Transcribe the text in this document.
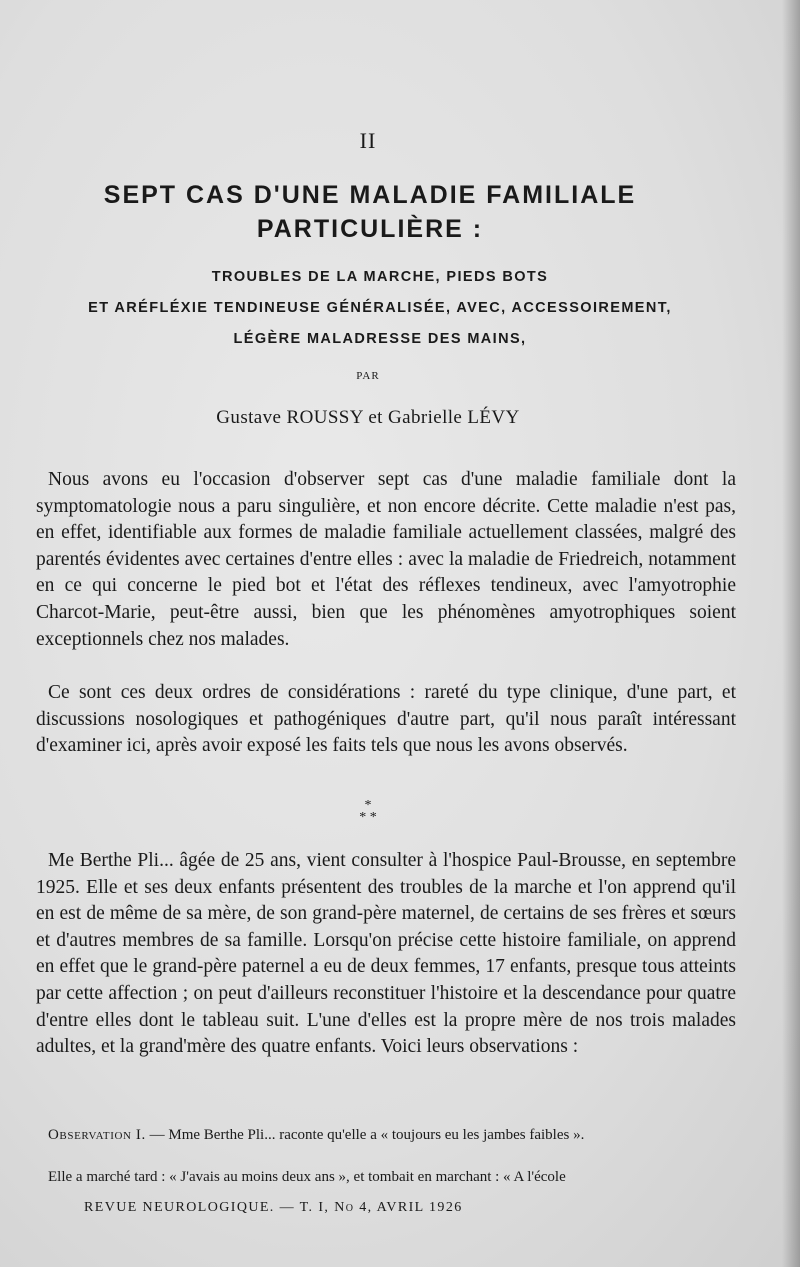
II
SEPT CAS D'UNE MALADIE FAMILIALE
PARTICULIÈRE :
TROUBLES DE LA MARCHE, PIEDS BOTS
ET ARÉFLÉXIE TENDINEUSE GÉNÉRALISÉE, AVEC, ACCESSOIREMENT,
LÉGÈRE MALADRESSE DES MAINS,
PAR
Gustave ROUSSY et Gabrielle LÉVY

Nous avons eu l'occasion d'observer sept cas d'une maladie familiale dont la symptomatologie nous a paru singulière, et non encore décrite. Cette maladie n'est pas, en effet, identifiable aux formes de maladie familiale actuellement classées, malgré des parentés évidentes avec certaines d'entre elles : avec la maladie de Friedreich, notamment en ce qui concerne le pied bot et l'état des réflexes tendineux, avec l'amyotrophie Charcot-Marie, peut-être aussi, bien que les phénomènes amyotrophiques soient exceptionnels chez nos malades.

Ce sont ces deux ordres de considérations : rareté du type clinique, d'une part, et discussions nosologiques et pathogéniques d'autre part, qu'il nous paraît intéressant d'examiner ici, après avoir exposé les faits tels que nous les avons observés.

*
* *

Me Berthe Pli... âgée de 25 ans, vient consulter à l'hospice Paul-Brousse, en septembre 1925. Elle et ses deux enfants présentent des troubles de la marche et l'on apprend qu'il en est de même de sa mère, de son grand-père maternel, de certains de ses frères et sœurs et d'autres membres de sa famille. Lorsqu'on précise cette histoire familiale, on apprend en effet que le grand-père paternel a eu de deux femmes, 17 enfants, presque tous atteints par cette affection ; on peut d'ailleurs reconstituer l'histoire et la descendance pour quatre d'entre elles dont le tableau suit. L'une d'elles est la propre mère de nos trois malades adultes, et la grand'mère des quatre enfants. Voici leurs observations :

Observation I. — Mme Berthe Pli... raconte qu'elle a « toujours eu les jambes faibles ».

Elle a marché tard : « J'avais au moins deux ans », et tombait en marchant : « A l'école

REVUE NEUROLOGIQUE. — T. I, No 4, AVRIL 1926
